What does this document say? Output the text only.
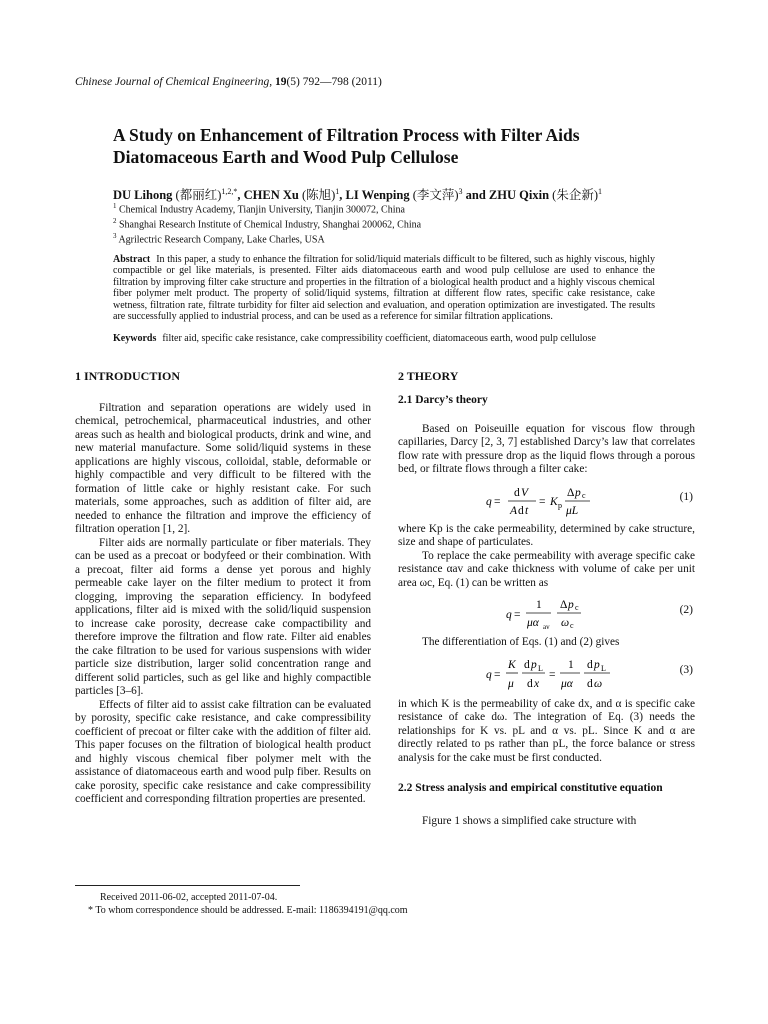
Chinese Journal of Chemical Engineering, 19(5) 792—798 (2011)
A Study on Enhancement of Filtration Process with Filter Aids
Diatomaceous Earth and Wood Pulp Cellulose
DU Lihong (都丽红)$^{1,2,*}$, CHEN Xu (陈旭)$^1$, LI Wenping (李文萍)$^3$ and ZHU Qixin (朱企新)$^1$
$^1$ Chemical Industry Academy, Tianjin University, Tianjin 300072, China
$^2$ Shanghai Research Institute of Chemical Industry, Shanghai 200062, China
$^3$ Agrilectric Research Company, Lake Charles, USA

Abstract In this paper, a study to enhance the filtration for solid/liquid materials difficult to be filtered, such as highly viscous, highly compactible or gel like materials, is presented. Filter aids diatomaceous earth and wood pulp cellulose are used to enhance the filtration by improving filter cake structure and properties in the filtration of a biological health product and a highly viscous chemical fiber polymer melt product. The property of solid/liquid systems, filtration at different flow rates, specific cake resistance, cake wetness, filtration rate, filtrate turbidity for filter aid selection and evaluation, and operation optimization are investigated. The results are successfully applied to industrial process, and can be used as a reference for similar filtration applications.

Keywords filter aid, specific cake resistance, cake compressibility coefficient, diatomaceous earth, wood pulp cellulose

1 INTRODUCTION

Filtration and separation operations are widely used in chemical, petrochemical, pharmaceutical industries, and other areas such as health and biological products, drink and wine, and new material manufacture. Some solid/liquid systems in these applications are highly viscous, colloidal, stable, deformable or highly compactible and very difficult to be filtered with the formation of little cake or highly resistant cake. For such materials, some approaches, such as addition of filter aid, are needed to enhance the filtration and improve the efficiency of filtration operation [1, 2].

Filter aids are normally particulate or fiber materials. They can be used as a precoat or bodyfeed or their combination. With a precoat, filter aid forms a dense yet porous and highly permeable cake layer on the filter medium to protect it from clogging, improving the separation efficiency. In bodyfeed applications, filter aid is mixed with the solid/liquid suspension to increase cake porosity, decrease cake compactibility and therefore improve the filtration and flow rate. Filter aid enables the cake filtration to be used for various suspensions with wider particle size distribution, larger solid concentration range and different solid particles, such as gel like and highly compactible particles [3–6].

Effects of filter aid to assist cake filtration can be evaluated by porosity, specific cake resistance, and cake compressibility coefficient of precoat or filter cake with the addition of filter aid. This paper focuses on the filtration of biological health product and highly viscous chemical fiber polymer melt with the assistance of diatomaceous earth and wood pulp fiber. Results on cake porosity, specific cake resistance and cake compressibility coefficient and corresponding filtration properties are presented.

2 THEORY
2.1 Darcy’s theory

Based on Poiseuille equation for viscous flow through capillaries, Darcy [2, 3, 7] established Darcy’s law that correlates flow rate with pressure drop as the liquid flows through a porous bed, or filtrate flows through a filter cake:

q =
d V
A d t
= K p
Δ p c
μL
(1)

where Kp is the cake permeability, determined by cake structure, size and shape of particulates.

To replace the cake permeability with average specific cake resistance αav and cake thickness with volume of cake per unit area ωc, Eq. (1) can be written as

q =
1
μα av
Δ p c
ω c
(2)

The differentiation of Eqs. (1) and (2) gives

q =
K
μ
d p L
d x
=
1
μα
d p L
d ω
(3)

in which K is the permeability of cake dx, and α is specific cake resistance of cake dω. The integration of Eq. (3) needs the relationships for K vs. pL and α vs. pL. Since K and α are directly related to ps rather than pL, the force balance or stress analysis for the cake must be first conducted.

2.2 Stress analysis and empirical constitutive equation

Figure 1 shows a simplified cake structure with

Received 2011-06-02, accepted 2011-07-04.
* To whom correspondence should be addressed. E-mail: 1186394191@qq.com
